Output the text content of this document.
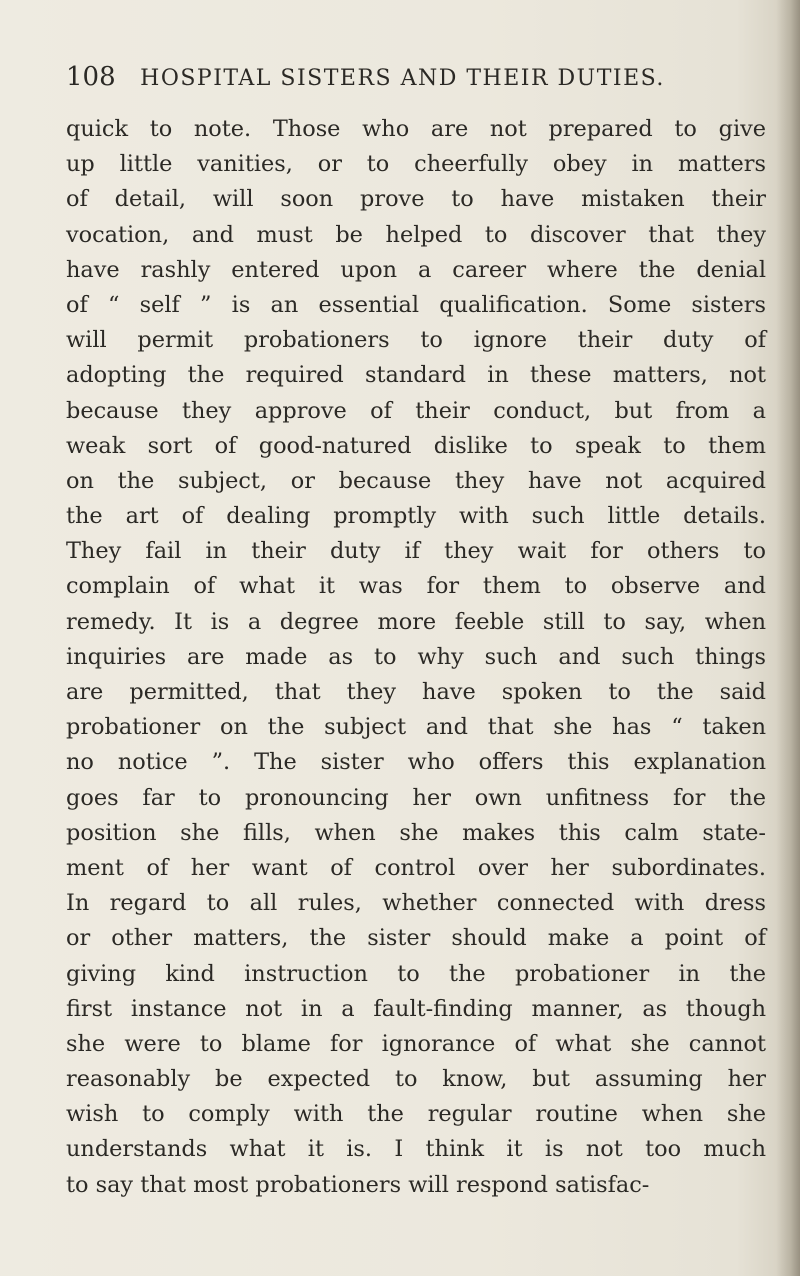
108 HOSPITAL SISTERS AND THEIR DUTIES.
quick to note. Those who are not prepared to give
up little vanities, or to cheerfully obey in matters
of detail, will soon prove to have mistaken their
vocation, and must be helped to discover that they
have rashly entered upon a career where the denial
of “ self ” is an essential qualification. Some sisters
will permit probationers to ignore their duty of
adopting the required standard in these matters, not
because they approve of their conduct, but from a
weak sort of good-natured dislike to speak to them
on the subject, or because they have not acquired
the art of dealing promptly with such little details.
They fail in their duty if they wait for others to
complain of what it was for them to observe and
remedy. It is a degree more feeble still to say, when
inquiries are made as to why such and such things
are permitted, that they have spoken to the said
probationer on the subject and that she has “ taken
no notice ”. The sister who offers this explanation
goes far to pronouncing her own unfitness for the
position she fills, when she makes this calm state-
ment of her want of control over her subordinates.
In regard to all rules, whether connected with dress
or other matters, the sister should make a point of
giving kind instruction to the probationer in the
first instance not in a fault-finding manner, as though
she were to blame for ignorance of what she cannot
reasonably be expected to know, but assuming her
wish to comply with the regular routine when she
understands what it is. I think it is not too much
to say that most probationers will respond satisfac-
